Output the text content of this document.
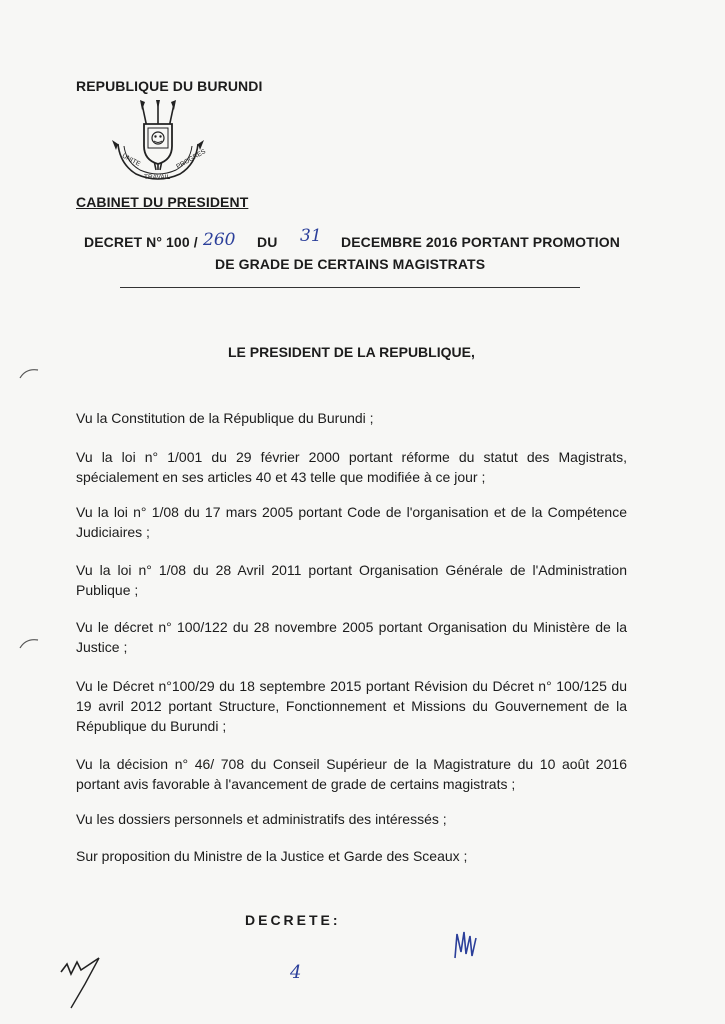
REPUBLIQUE DU BURUNDI
UNITE
TRAVAIL
PROGRES
CABINET DU PRESIDENT
DECRET N° 100 / 260 DU 31 DECEMBRE 2016 PORTANT PROMOTION
DE GRADE DE CERTAINS MAGISTRATS
LE PRESIDENT DE LA REPUBLIQUE,
Vu la Constitution de la République du Burundi ;
Vu la loi n° 1/001 du 29 février 2000 portant réforme du statut des Magistrats, spécialement en ses articles 40 et 43 telle que modifiée à ce jour ;
Vu la loi n° 1/08 du 17 mars 2005 portant Code de l'organisation et de la Compétence Judiciaires ;
Vu la loi n° 1/08 du 28 Avril 2011 portant Organisation Générale de l'Administration Publique ;
Vu le décret n° 100/122 du 28 novembre 2005 portant Organisation du Ministère de la Justice ;
Vu le Décret n°100/29 du 18 septembre 2015 portant Révision du Décret n° 100/125 du 19 avril 2012 portant Structure, Fonctionnement et Missions du Gouvernement de la République du Burundi ;
Vu la décision n° 46/ 708 du Conseil Supérieur de la Magistrature du 10 août 2016 portant avis favorable à l'avancement de grade de certains magistrats ;
Vu les dossiers personnels et administratifs des intéressés ;
Sur proposition du Ministre de la Justice et Garde des Sceaux ;
DECRETE:
4
